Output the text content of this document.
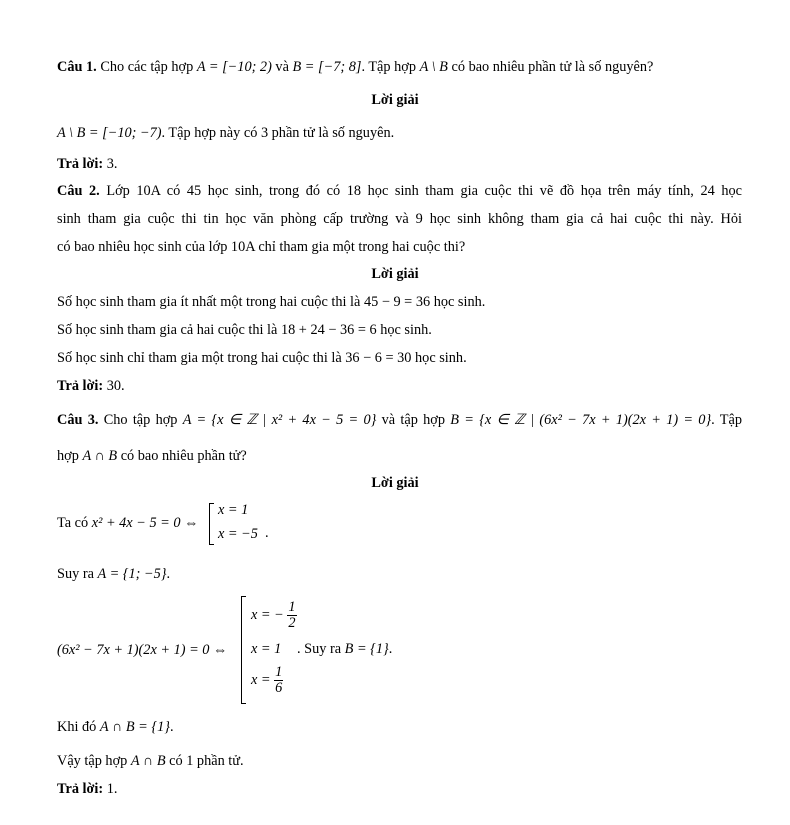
Câu 1. Cho các tập hợp A = [−10; 2) và B = [−7; 8]. Tập hợp A \ B có bao nhiêu phần tử là số nguyên?
Lời giải
A \ B = [−10; −7). Tập hợp này có 3 phần tử là số nguyên.
Trả lời: 3.
Câu 2. Lớp 10A có 45 học sinh, trong đó có 18 học sinh tham gia cuộc thi vẽ đồ họa trên máy tính, 24 học
sinh tham gia cuộc thi tin học văn phòng cấp trường và 9 học sinh không tham gia cả hai cuộc thi này. Hỏi
có bao nhiêu học sinh của lớp 10A chỉ tham gia một trong hai cuộc thi?
Lời giải
Số học sinh tham gia ít nhất một trong hai cuộc thi là 45 − 9 = 36 học sinh.
Số học sinh tham gia cả hai cuộc thi là 18 + 24 − 36 = 6 học sinh.
Số học sinh chỉ tham gia một trong hai cuộc thi là 36 − 6 = 30 học sinh.
Trả lời: 30.
Câu 3. Cho tập hợp A = {x ∈ ℤ | x² + 4x − 5 = 0} và tập hợp B = {x ∈ ℤ | (6x² − 7x + 1)(2x + 1) = 0}. Tập
hợp A ∩ B có bao nhiêu phần tử?
Lời giải
Ta có x² + 4x − 5 = 0 ⇔
x = 1
x = −5 .
Suy ra A = {1; −5}.
(6x² − 7x + 1)(2x + 1) = 0 ⇔
x = − $\frac{1}{2}$
x = 1
$x = \frac{1}{6}$
. Suy ra B = {1}.
Khi đó A ∩ B = {1}.
Vậy tập hợp A ∩ B có 1 phần tử.
Trả lời: 1.
